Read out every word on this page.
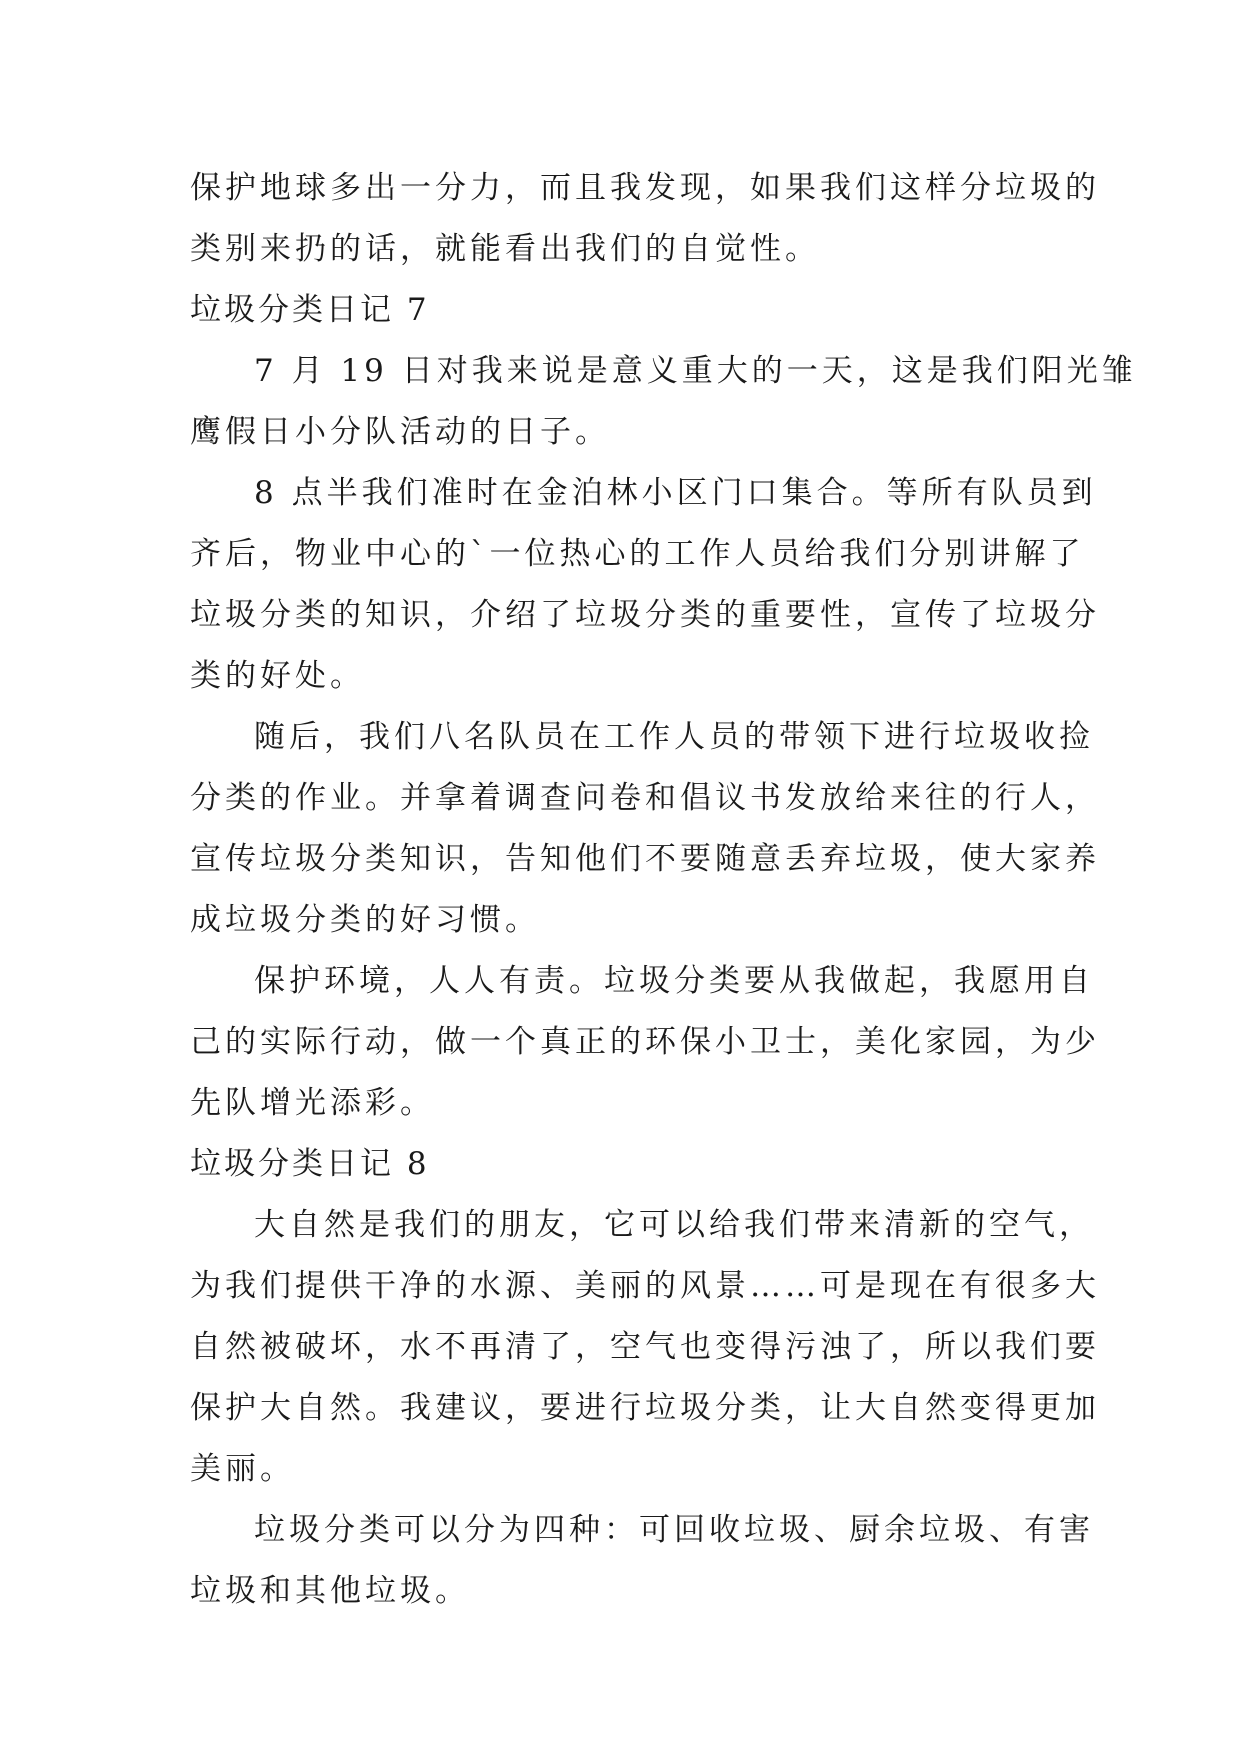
保护地球多出一分力，而且我发现，如果我们这样分垃圾的
类别来扔的话，就能看出我们的自觉性。
垃圾分类日记 7
7 月 19 日对我来说是意义重大的一天，这是我们阳光雏
鹰假日小分队活动的日子。
8 点半我们准时在金泊林小区门口集合。等所有队员到
齐后，物业中心的`一位热心的工作人员给我们分别讲解了
垃圾分类的知识，介绍了垃圾分类的重要性，宣传了垃圾分
类的好处。
随后，我们八名队员在工作人员的带领下进行垃圾收捡
分类的作业。并拿着调查问卷和倡议书发放给来往的行人，
宣传垃圾分类知识，告知他们不要随意丢弃垃圾，使大家养
成垃圾分类的好习惯。
保护环境，人人有责。垃圾分类要从我做起，我愿用自
己的实际行动，做一个真正的环保小卫士，美化家园，为少
先队增光添彩。
垃圾分类日记 8
大自然是我们的朋友，它可以给我们带来清新的空气，
为我们提供干净的水源、美丽的风景……可是现在有很多大
自然被破坏，水不再清了，空气也变得污浊了，所以我们要
保护大自然。我建议，要进行垃圾分类，让大自然变得更加
美丽。
垃圾分类可以分为四种：可回收垃圾、厨余垃圾、有害
垃圾和其他垃圾。
